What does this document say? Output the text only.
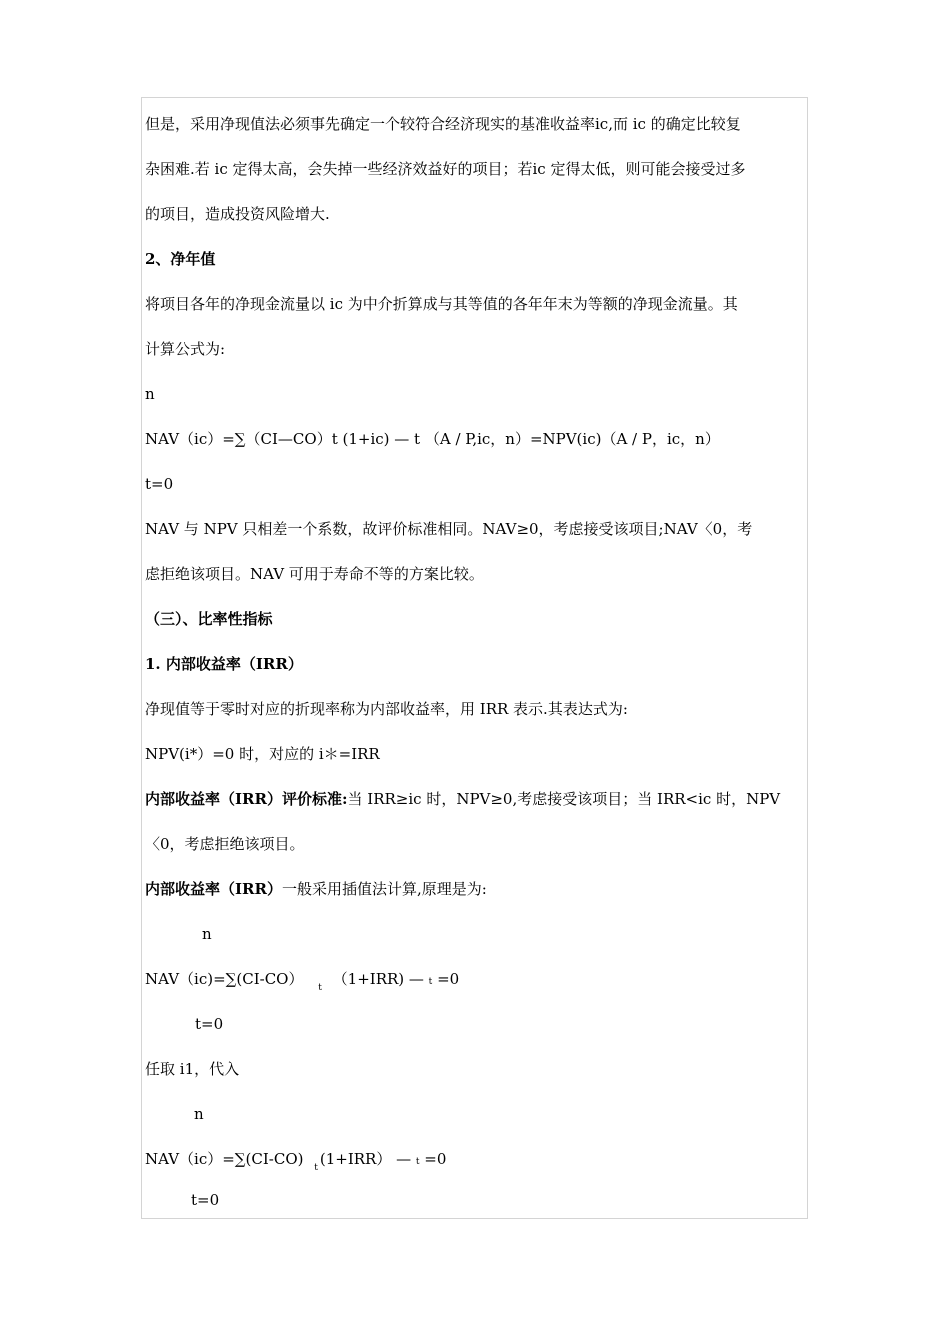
但是，采用净现值法必须事先确定一个较符合经济现实的基准收益率ic,而 ic 的确定比较复
杂困难.若 ic 定得太高，会失掉一些经济效益好的项目；若ic 定得太低，则可能会接受过多
的项目，造成投资风险增大.
2、净年值
将项目各年的净现金流量以 ic 为中介折算成与其等值的各年年末为等额的净现金流量。其
计算公式为:
n
NAV（ic）=∑（CI—CO）t (1+ic) — t （A / P,ic，n）=NPV(ic)（A / P，ic，n）
t=0
NAV 与 NPV 只相差一个系数，故评价标准相同。NAV≥0，考虑接受该项目;NAV〈0，考
虑拒绝该项目。NAV 可用于寿命不等的方案比较。
（三）、比率性指标
1. 内部收益率（IRR）
净现值等于零时对应的折现率称为内部收益率，用 IRR 表示.其表达式为:
NPV(i*）=0 时，对应的 i＊=IRR
内部收益率（IRR）评价标准:当 IRR≥ic 时，NPV≥0,考虑接受该项目；当 IRR<ic 时，NPV
〈0，考虑拒绝该项目。
内部收益率（IRR）一般采用插值法计算,原理是为:
n
NAV（ic)=∑(CI-CO） t （1+IRR) — t =0
t=0
任取 i1，代入
n
NAV（ic）=∑(CI-CO) t (1+IRR） — t =0
t=0
